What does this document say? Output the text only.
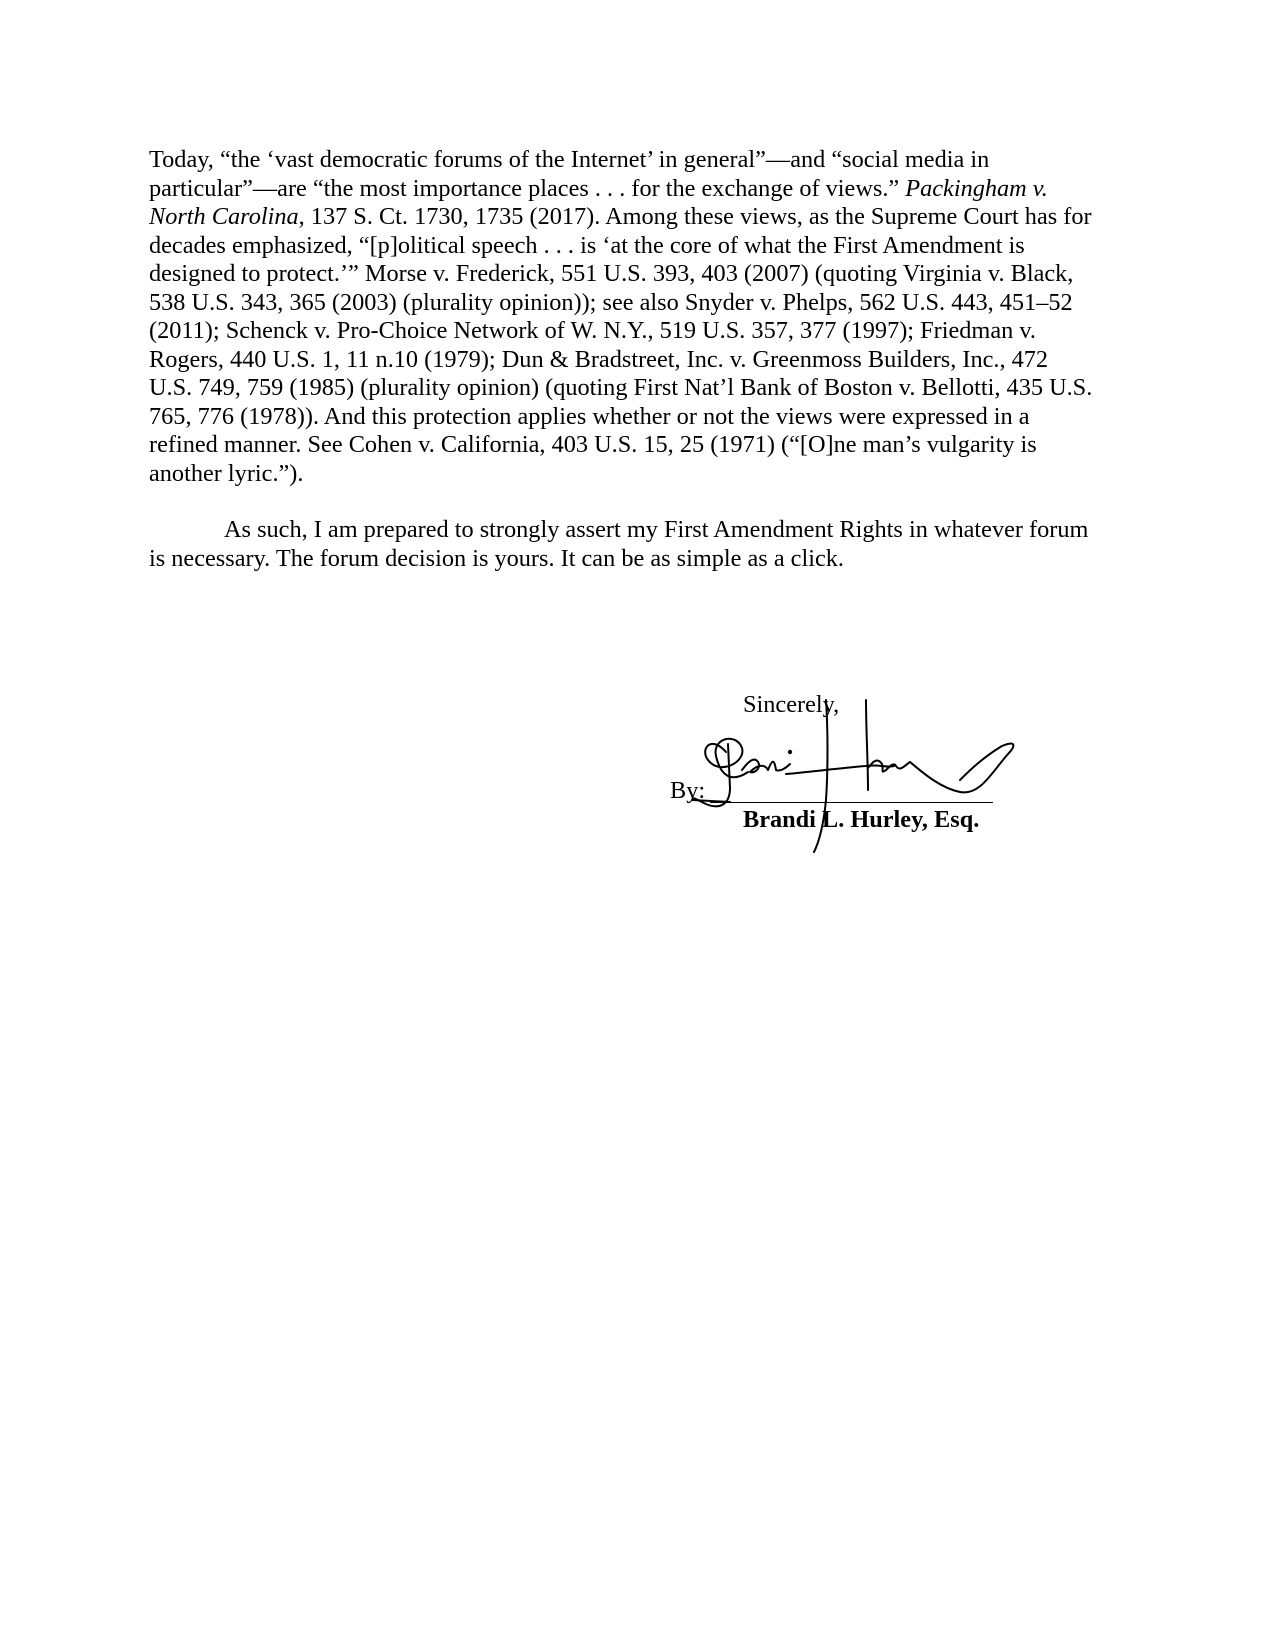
Today, “the ‘vast democratic forums of the Internet’ in general”—and “social media in
particular”—are “the most importance places . . . for the exchange of views.” Packingham v.
North Carolina, 137 S. Ct. 1730, 1735 (2017). Among these views, as the Supreme Court has for
decades emphasized, “[p]olitical speech . . . is ‘at the core of what the First Amendment is
designed to protect.’” Morse v. Frederick, 551 U.S. 393, 403 (2007) (quoting Virginia v. Black,
538 U.S. 343, 365 (2003) (plurality opinion)); see also Snyder v. Phelps, 562 U.S. 443, 451–52
(2011); Schenck v. Pro-Choice Network of W. N.Y., 519 U.S. 357, 377 (1997); Friedman v.
Rogers, 440 U.S. 1, 11 n.10 (1979); Dun & Bradstreet, Inc. v. Greenmoss Builders, Inc., 472
U.S. 749, 759 (1985) (plurality opinion) (quoting First Nat’l Bank of Boston v. Bellotti, 435 U.S.
765, 776 (1978)). And this protection applies whether or not the views were expressed in a
refined manner. See Cohen v. California, 403 U.S. 15, 25 (1971) (“[O]ne man’s vulgarity is
another lyric.”).

As such, I am prepared to strongly assert my First Amendment Rights in whatever forum
is necessary. The forum decision is yours. It can be as simple as a click.

Sincerely,
By:
Brandi L. Hurley, Esq.
